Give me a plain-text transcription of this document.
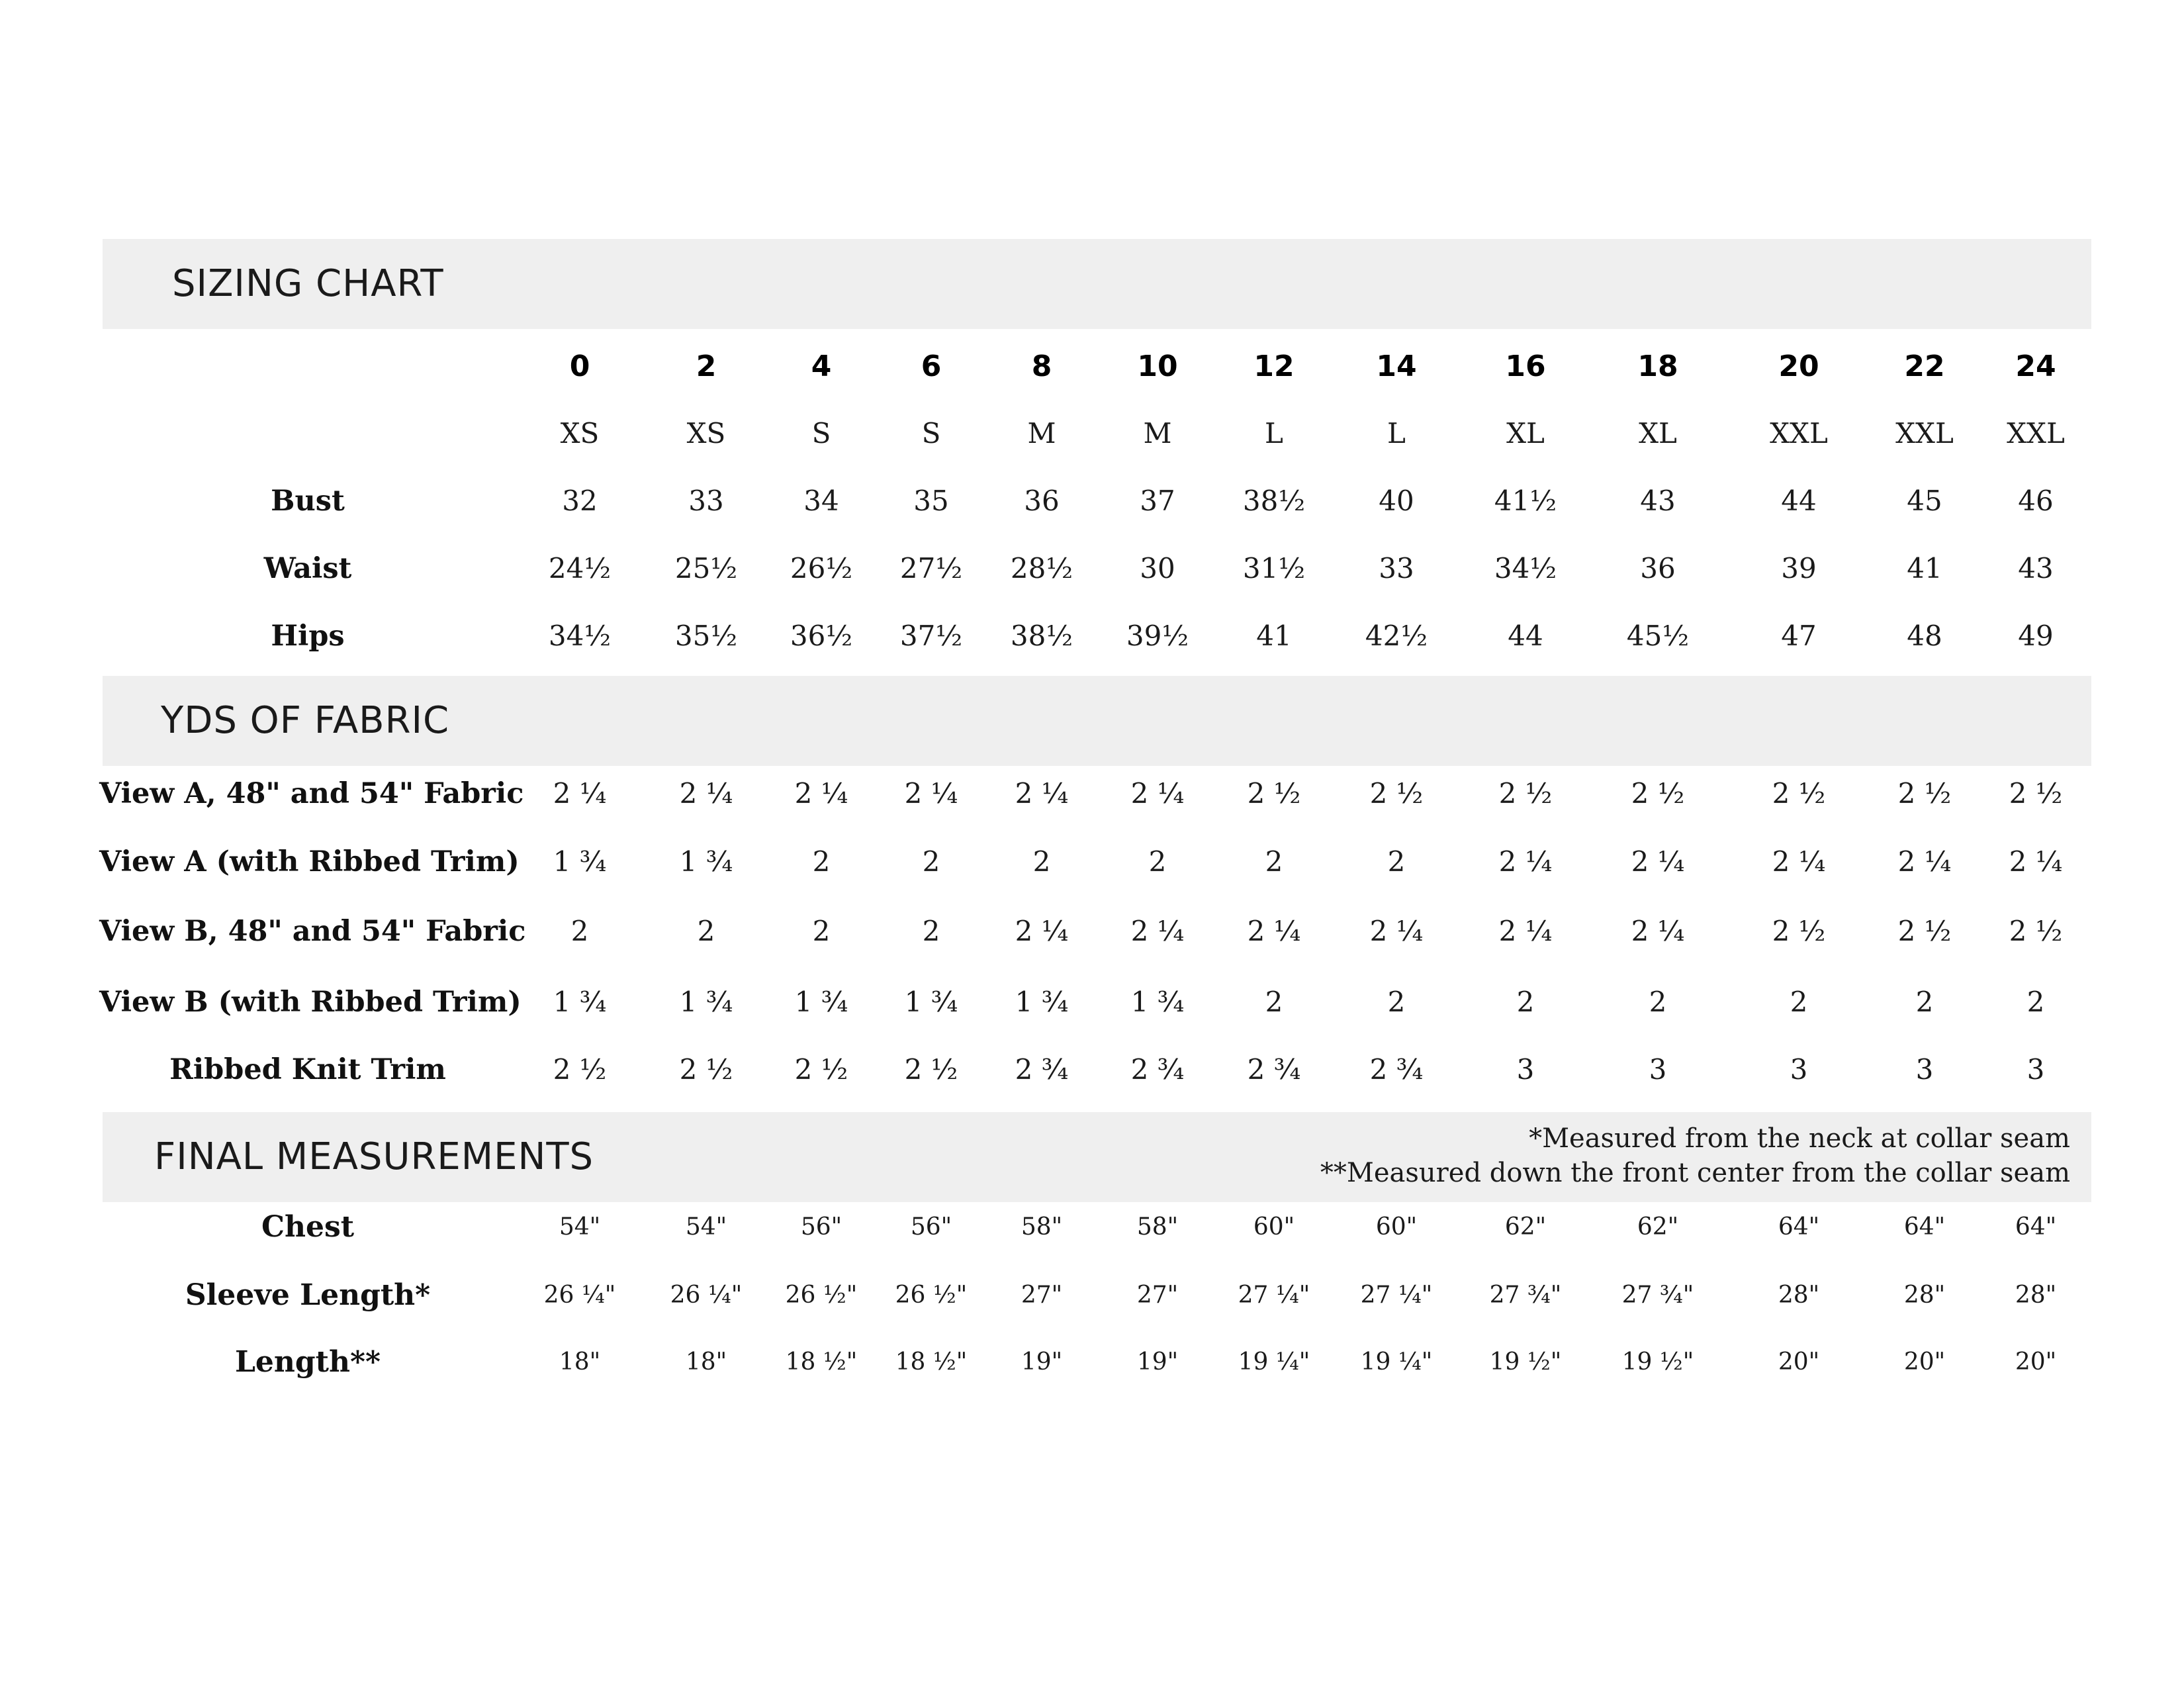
SIZING CHART
YDS OF FABRIC
FINAL MEASUREMENTS	*Measured from the neck at collar seam
**Measured down the front center from the collar seam
0	2	4	6	8	10	12	14	16	18	20	22	24
XS	XS	S	S	M	M	L	L	XL	XL	XXL	XXL	XXL
Bust	32	33	34	35	36	37	38½	40	41½	43	44	45	46
Waist	24½	25½	26½	27½	28½	30	31½	33	34½	36	39	41	43
Hips	34½	35½	36½	37½	38½	39½	41	42½	44	45½	47	48	49
View A, 48" and 54" Fabric	2 ¼	2 ¼	2 ¼	2 ¼	2 ¼	2 ¼	2 ½	2 ½	2 ½	2 ½	2 ½	2 ½	2 ½
View A (with Ribbed Trim)	1 ¾	1 ¾	2	2	2	2	2	2	2 ¼	2 ¼	2 ¼	2 ¼	2 ¼
View B, 48" and 54" Fabric	2	2	2	2	2 ¼	2 ¼	2 ¼	2 ¼	2 ¼	2 ¼	2 ½	2 ½	2 ½
View B (with Ribbed Trim)	1 ¾	1 ¾	1 ¾	1 ¾	1 ¾	1 ¾	2	2	2	2	2	2	2
Ribbed Knit Trim	2 ½	2 ½	2 ½	2 ½	2 ¾	2 ¾	2 ¾	2 ¾	3	3	3	3	3
Chest	54"	54"	56"	56"	58"	58"	60"	60"	62"	62"	64"	64"	64"
Sleeve Length*	26 ¼"	26 ¼"	26 ½"	26 ½"	27"	27"	27 ¼"	27 ¼"	27 ¾"	27 ¾"	28"	28"	28"
Length**	18"	18"	18 ½"	18 ½"	19"	19"	19 ¼"	19 ¼"	19 ½"	19 ½"	20"	20"	20"
